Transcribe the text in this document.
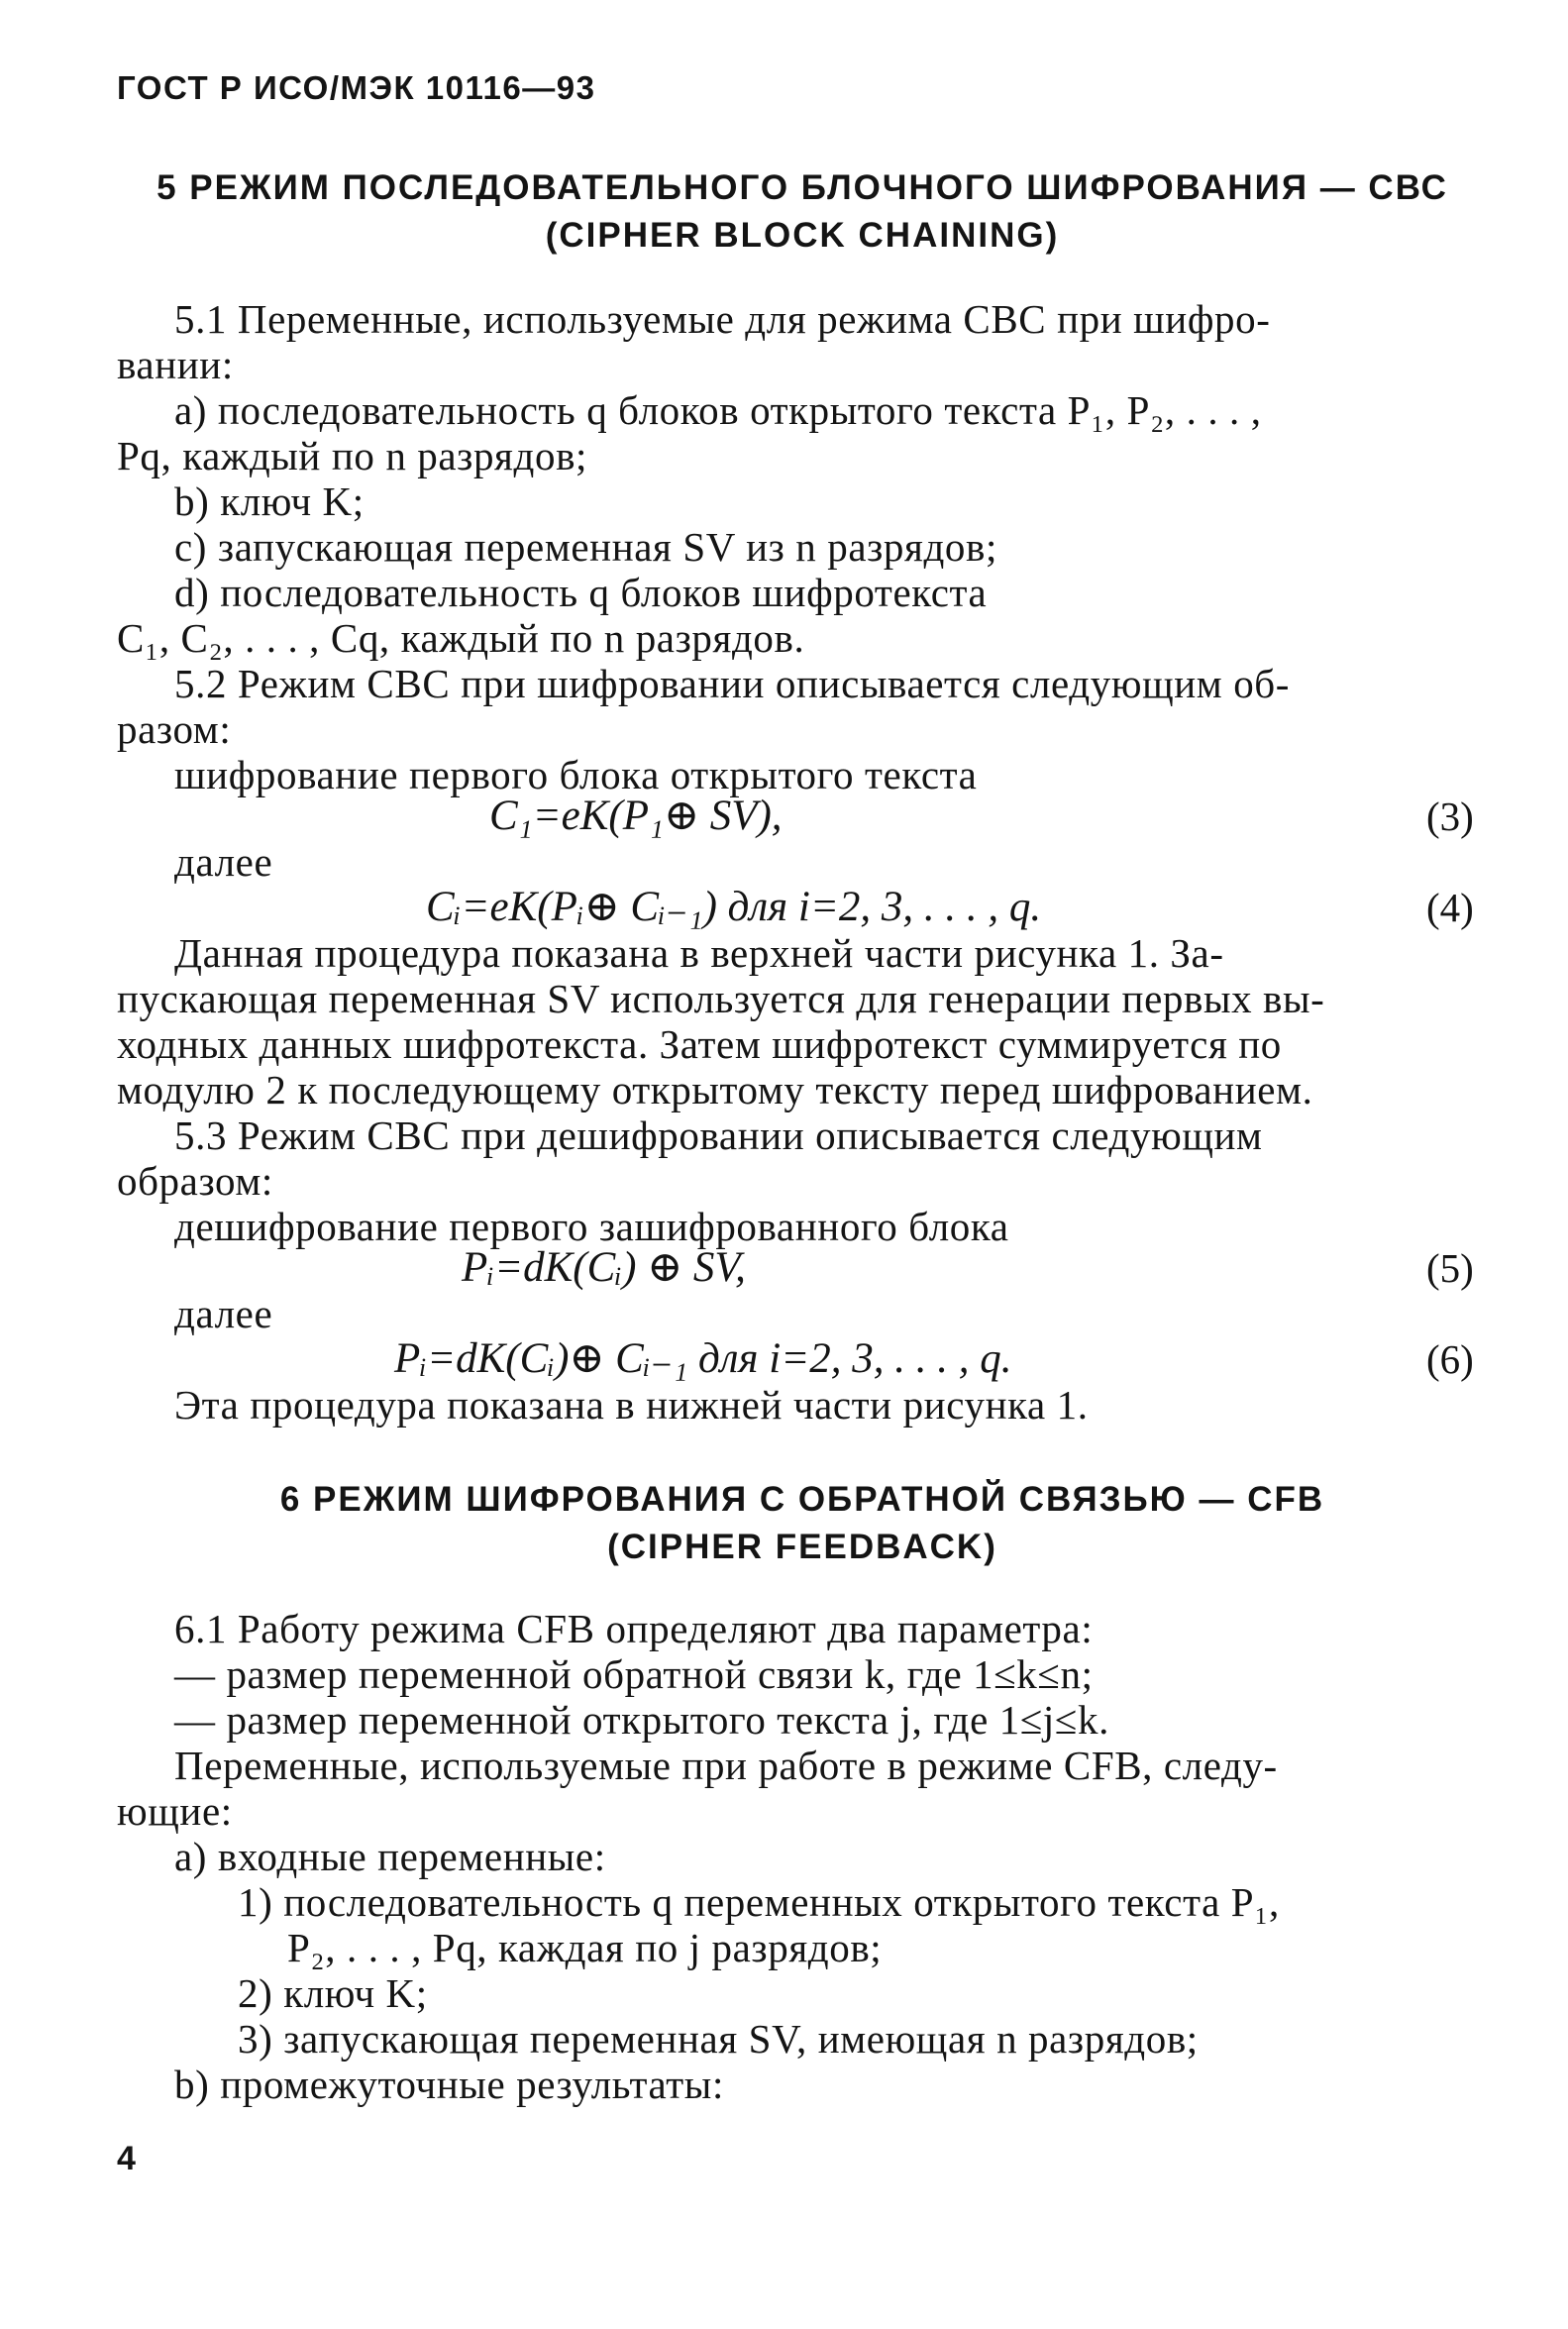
ГОСТ Р ИСО/МЭК 10116—93
5 РЕЖИМ ПОСЛЕДОВАТЕЛЬНОГО БЛОЧНОГО ШИФРОВАНИЯ — СВС
(CIPHER BLOCK CHAINING)
5.1 Переменные, используемые для режима СВС при шифро-
вании:
a) последовательность q блоков открытого текста P₁, P₂, . . . ,
Pq, каждый по n разрядов;
b) ключ K;
c) запускающая переменная SV из n разрядов;
d) последовательность q блоков шифротекста
C₁, C₂, . . . , Cq, каждый по n разрядов.
5.2 Режим СВС при шифровании описывается следующим об-
разом:
шифрование первого блока открытого текста
C₁=eK(P₁⊕ SV),	(3)
далее
Cᵢ=eK(Pᵢ⊕ Cᵢ₋₁) для i=2, 3, . . . , q.	(4)
Данная процедура показана в верхней части рисунка 1. За-
пускающая переменная SV используется для генерации первых вы-
ходных данных шифротекста. Затем шифротекст суммируется по
модулю 2 к последующему открытому тексту перед шифрованием.
5.3 Режим СВС при дешифровании описывается следующим
образом:
дешифрование первого зашифрованного блока
Pᵢ=dK(Cᵢ) ⊕ SV,	(5)
далее
Pᵢ=dK(Cᵢ)⊕ Cᵢ₋₁ для i=2, 3, . . . , q.	(6)
Эта процедура показана в нижней части рисунка 1.
6 РЕЖИМ ШИФРОВАНИЯ С ОБРАТНОЙ СВЯЗЬЮ — CFB
(CIPHER FEEDBACK)
6.1 Работу режима CFB определяют два параметра:
— размер переменной обратной связи k, где 1≤k≤n;
— размер переменной открытого текста j, где 1≤j≤k.
Переменные, используемые при работе в режиме CFB, следу-
ющие:
a) входные переменные:
1) последовательность q переменных открытого текста P₁,
P₂, . . . , Pq, каждая по j разрядов;
2) ключ K;
3) запускающая переменная SV, имеющая n разрядов;
b) промежуточные результаты:
4
